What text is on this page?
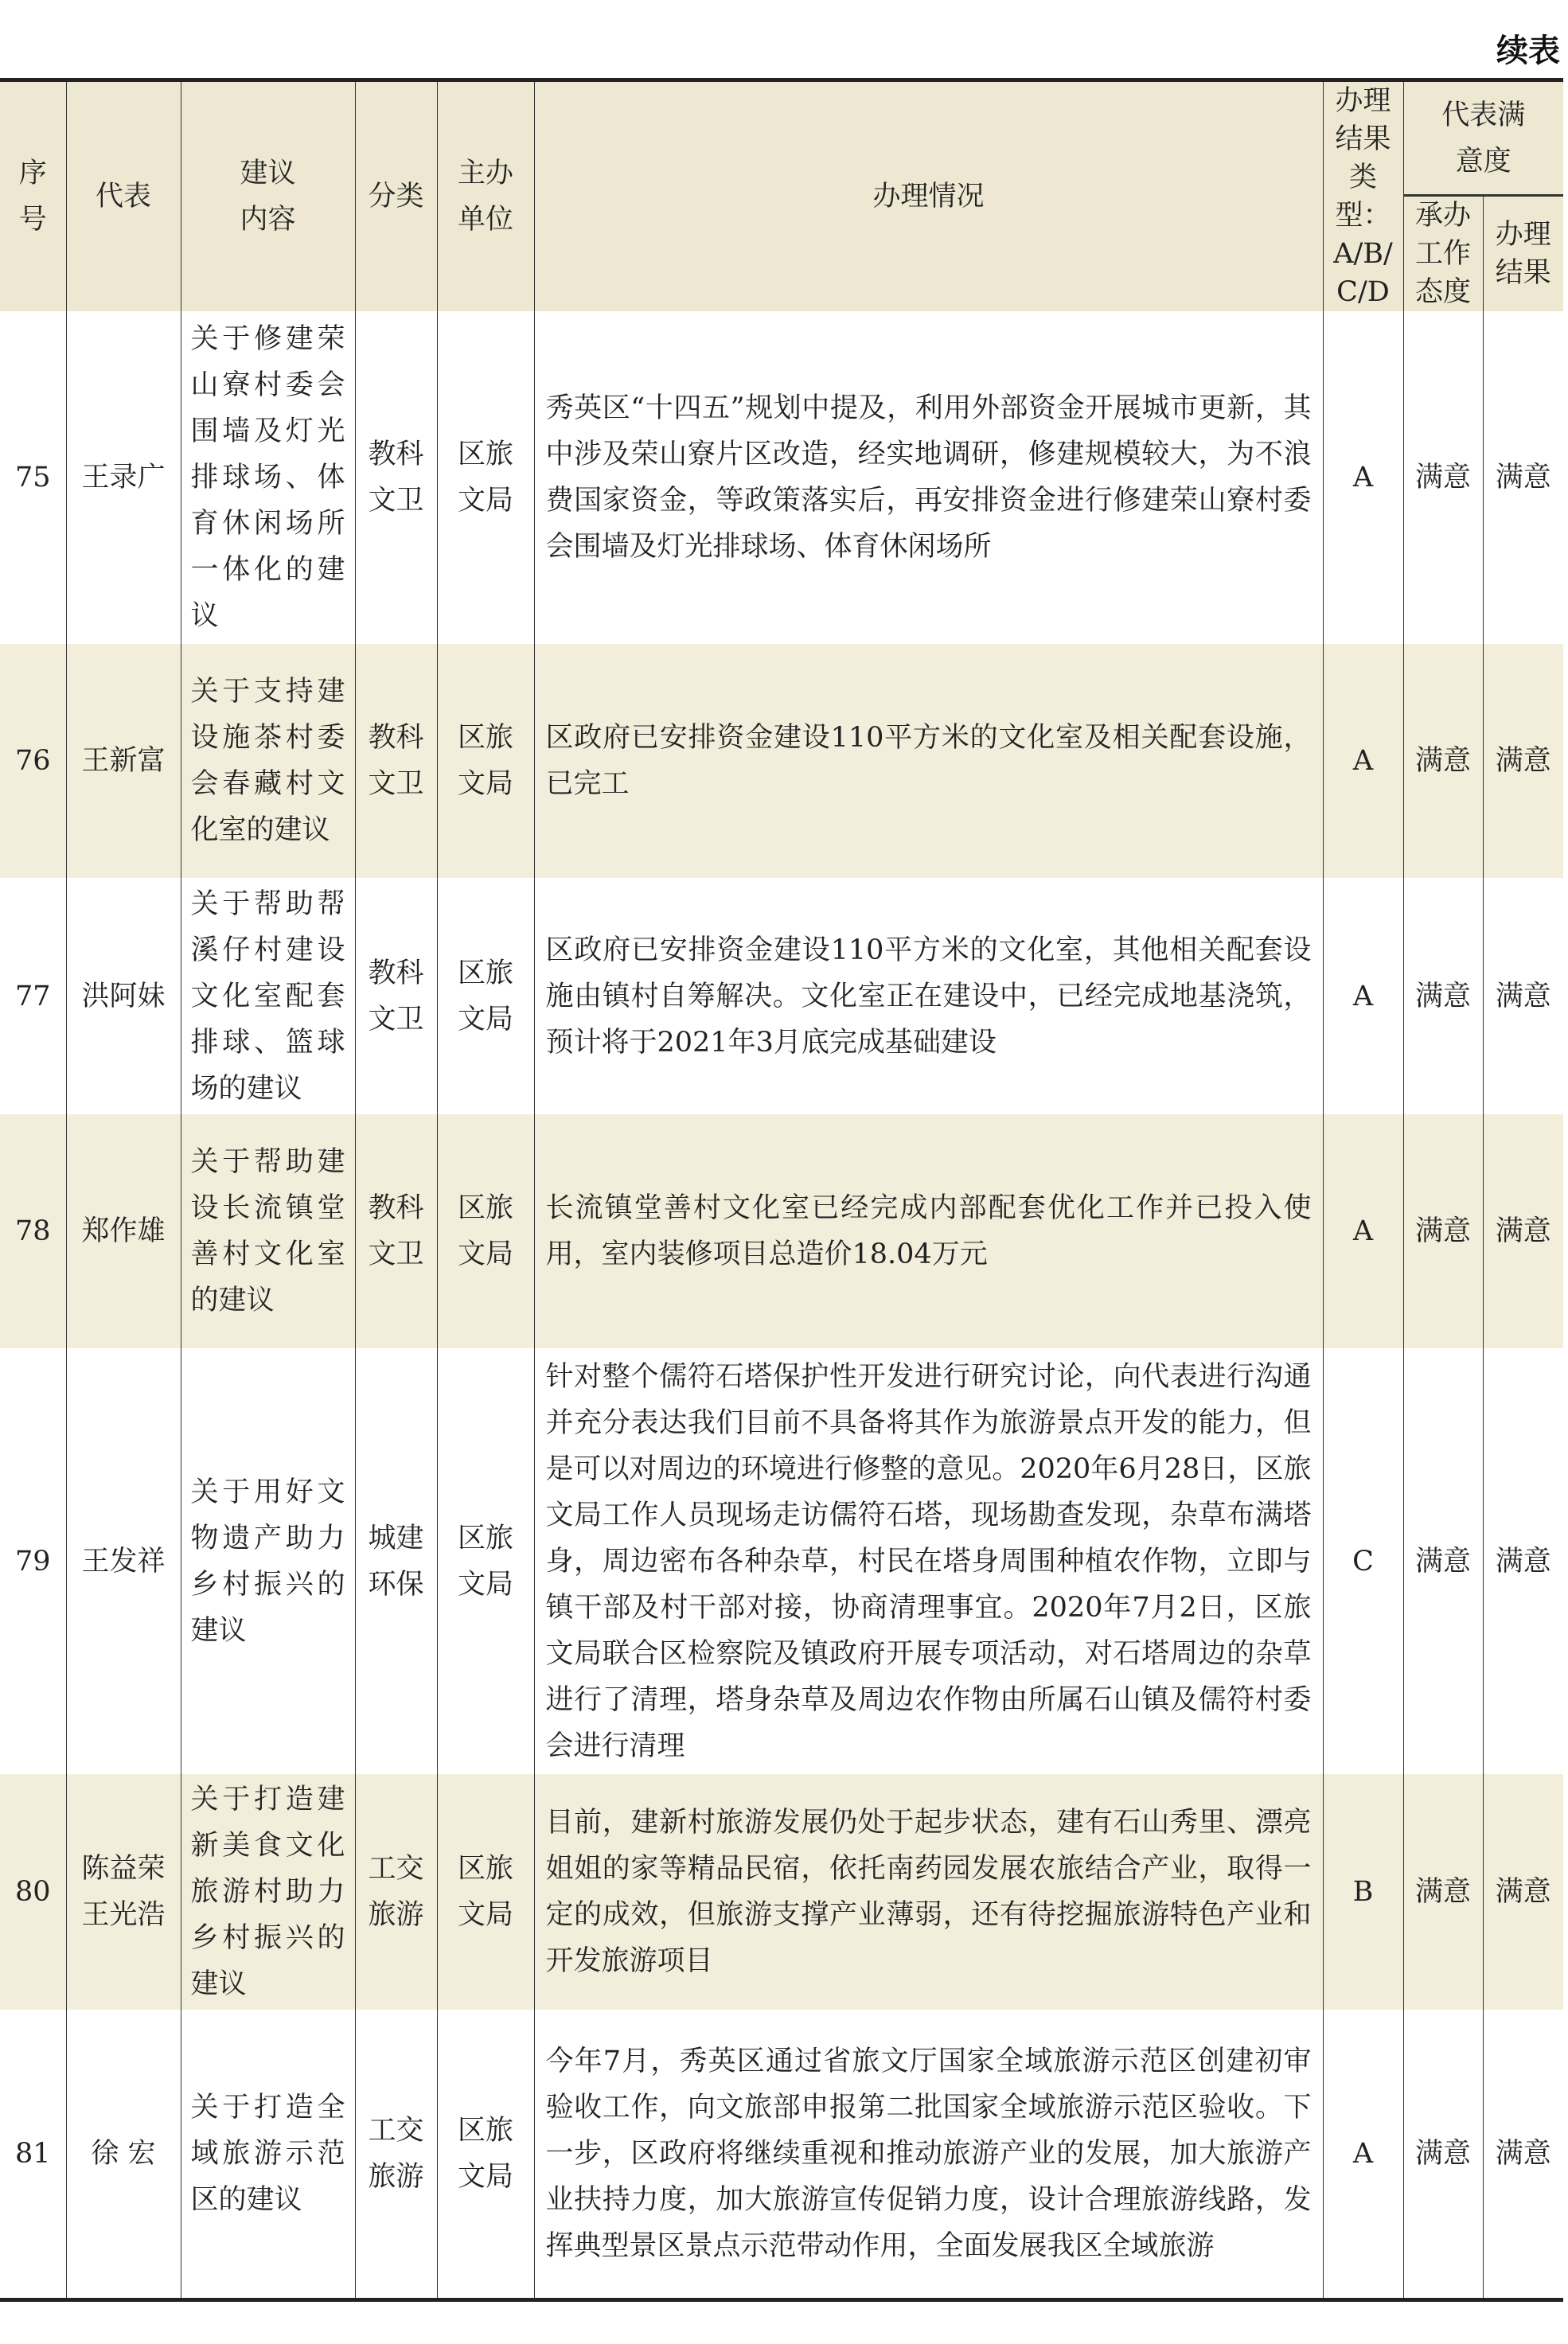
续表
序号	代表	建议内容	分类	主办单位	办理情况	办理结果类型：A/B/C/D	代表满意度	
							承办工作态度	办理结果
75	王录广	关于修建荣山寮村委会围墙及灯光排球场、体育休闲场所一体化的建议	教科文卫	区旅文局	秀英区“十四五”规划中提及，利用外部资金开展城市更新，其中涉及荣山寮片区改造，经实地调研，修建规模较大，为不浪费国家资金，等政策落实后，再安排资金进行修建荣山寮村委会围墙及灯光排球场、体育休闲场所	A	满意	满意
76	王新富	关于支持建设施茶村委会春藏村文化室的建议	教科文卫	区旅文局	区政府已安排资金建设110平方米的文化室及相关配套设施，已完工	A	满意	满意
77	洪阿妹	关于帮助帮溪仔村建设文化室配套排球、篮球场的建议	教科文卫	区旅文局	区政府已安排资金建设110平方米的文化室，其他相关配套设施由镇村自筹解决。文化室正在建设中，已经完成地基浇筑，预计将于2021年3月底完成基础建设	A	满意	满意
78	郑作雄	关于帮助建设长流镇堂善村文化室的建议	教科文卫	区旅文局	长流镇堂善村文化室已经完成内部配套优化工作并已投入使用，室内装修项目总造价18.04万元	A	满意	满意
79	王发祥	关于用好文物遗产助力乡村振兴的建议	城建环保	区旅文局	针对整个儒符石塔保护性开发进行研究讨论，向代表进行沟通并充分表达我们目前不具备将其作为旅游景点开发的能力，但是可以对周边的环境进行修整的意见。2020年6月28日，区旅文局工作人员现场走访儒符石塔，现场勘查发现，杂草布满塔身，周边密布各种杂草，村民在塔身周围种植农作物，立即与镇干部及村干部对接，协商清理事宜。2020年7月2日，区旅文局联合区检察院及镇政府开展专项活动，对石塔周边的杂草进行了清理，塔身杂草及周边农作物由所属石山镇及儒符村委会进行清理	C	满意	满意
80	陈益荣 王光浩	关于打造建新美食文化旅游村助力乡村振兴的建议	工交旅游	区旅文局	目前，建新村旅游发展仍处于起步状态，建有石山秀里、漂亮姐姐的家等精品民宿，依托南药园发展农旅结合产业，取得一定的成效，但旅游支撑产业薄弱，还有待挖掘旅游特色产业和开发旅游项目	B	满意	满意
81	徐 宏	关于打造全域旅游示范区的建议	工交旅游	区旅文局	今年7月，秀英区通过省旅文厅国家全域旅游示范区创建初审验收工作，向文旅部申报第二批国家全域旅游示范区验收。下一步，区政府将继续重视和推动旅游产业的发展，加大旅游产业扶持力度，加大旅游宣传促销力度，设计合理旅游线路，发挥典型景区景点示范带动作用，全面发展我区全域旅游	A	满意	满意
